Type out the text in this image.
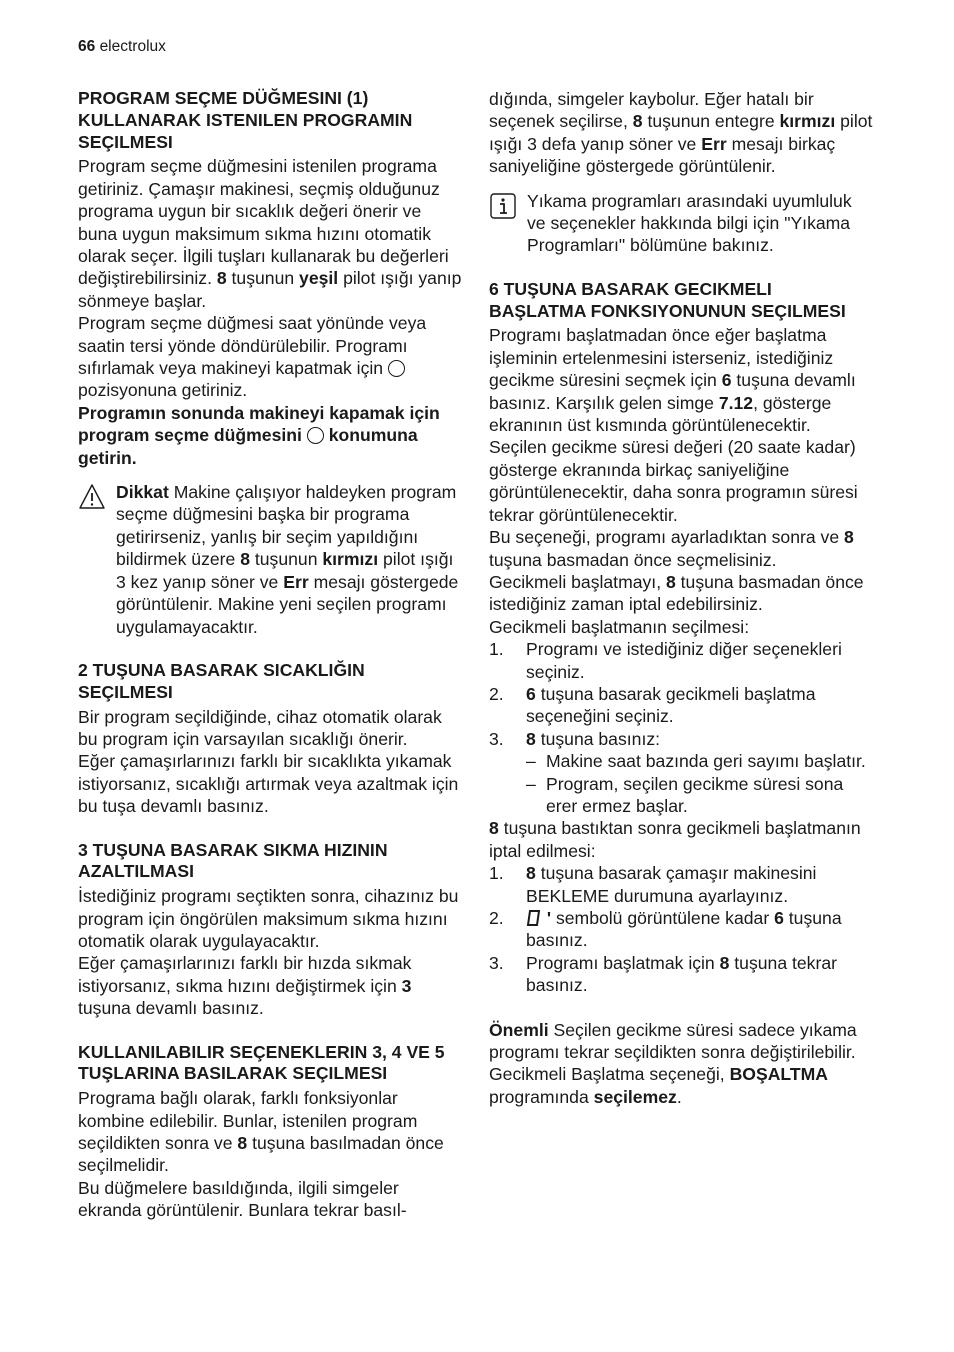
66 electrolux
PROGRAM SEÇME DÜĞMESINI (1) KULLANARAK ISTENILEN PROGRAMIN SEÇILMESI

Program seçme düğmesini istenilen programa getiriniz. Çamaşır makinesi, seçmiş olduğunuz programa uygun bir sıcaklık değeri önerir ve buna uygun maksimum sıkma hızını otomatik olarak seçer. İlgili tuşları kullanarak bu değerleri değiştirebilirsiniz. 8 tuşunun yeşil pilot ışığı yanıp sönmeye başlar.

Program seçme düğmesi saat yönünde veya saatin tersi yönde döndürülebilir. Programı sıfırlamak veya makineyi kapatmak için  pozisyonuna getiriniz.

Programın sonunda makineyi kapamak için program seçme düğmesini konumuna getirin.

Dikkat Makine çalışıyor haldeyken program seçme düğmesini başka bir programa getirirseniz, yanlış bir seçim yapıldığını bildirmek üzere 8 tuşunun kırmızı pilot ışığı 3 kez yanıp söner ve Err mesajı göstergede görüntülenir. Makine yeni seçilen programı uygulamayacaktır.

2 TUŞUNA BASARAK SICAKLIĞIN SEÇILMESI

Bir program seçildiğinde, cihaz otomatik olarak bu program için varsayılan sıcaklığı önerir.

Eğer çamaşırlarınızı farklı bir sıcaklıkta yıkamak istiyorsanız, sıcaklığı artırmak veya azaltmak için bu tuşa devamlı basınız.

3 TUŞUNA BASARAK SIKMA HIZININ AZALTILMASI

İstediğiniz programı seçtikten sonra, cihazınız bu program için öngörülen maksimum sıkma hızını otomatik olarak uygulayacaktır.

Eğer çamaşırlarınızı farklı bir hızda sıkmak istiyorsanız, sıkma hızını değiştirmek için 3 tuşuna devamlı basınız.

KULLANILABILIR SEÇENEKLERIN 3, 4 VE 5 TUŞLARINA BASILARAK SEÇILMESI

Programa bağlı olarak, farklı fonksiyonlar kombine edilebilir. Bunlar, istenilen program seçildikten sonra ve 8 tuşuna basılmadan önce seçilmelidir.

Bu düğmelere basıldığında, ilgili simgeler ekranda görüntülenir. Bunlara tekrar basıl-

dığında, simgeler kaybolur. Eğer hatalı bir seçenek seçilirse, 8 tuşunun entegre kırmızı pilot ışığı 3 defa yanıp söner ve Err mesajı birkaç saniyeliğine göstergede görüntülenir.

Yıkama programları arasındaki uyumluluk ve seçenekler hakkında bilgi için "Yıkama Programları" bölümüne bakınız.

6 TUŞUNA BASARAK GECIKMELI BAŞLATMA FONKSIYONUNUN SEÇILMESI

Programı başlatmadan önce eğer başlatma işleminin ertelenmesini isterseniz, istediğiniz gecikme süresini seçmek için 6 tuşuna devamlı basınız. Karşılık gelen simge 7.12, gösterge ekranının üst kısmında görüntülenecektir.

Seçilen gecikme süresi değeri (20 saate kadar) gösterge ekranında birkaç saniyeliğine görüntülenecektir, daha sonra programın süresi tekrar görüntülenecektir.

Bu seçeneği, programı ayarladıktan sonra ve 8 tuşuna basmadan önce seçmelisiniz.

Gecikmeli başlatmayı, 8 tuşuna basmadan önce istediğiniz zaman iptal edebilirsiniz.

Gecikmeli başlatmanın seçilmesi:

1. Programı ve istediğiniz diğer seçenekleri seçiniz.
2. 6 tuşuna basarak gecikmeli başlatma seçeneğini seçiniz.
3. 8 tuşuna basınız:
– Makine saat bazında geri sayımı başlatır.
– Program, seçilen gecikme süresi sona erer ermez başlar.

8 tuşuna bastıktan sonra gecikmeli başlatmanın iptal edilmesi:

1. 8 tuşuna basarak çamaşır makinesini BEKLEME durumuna ayarlayınız.
2. ' sembolü görüntülene kadar 6 tuşuna basınız.
3. Programı başlatmak için 8 tuşuna tekrar basınız.

Önemli Seçilen gecikme süresi sadece yıkama programı tekrar seçildikten sonra değiştirilebilir.

Gecikmeli Başlatma seçeneği, BOŞALTMA programında seçilemez.
